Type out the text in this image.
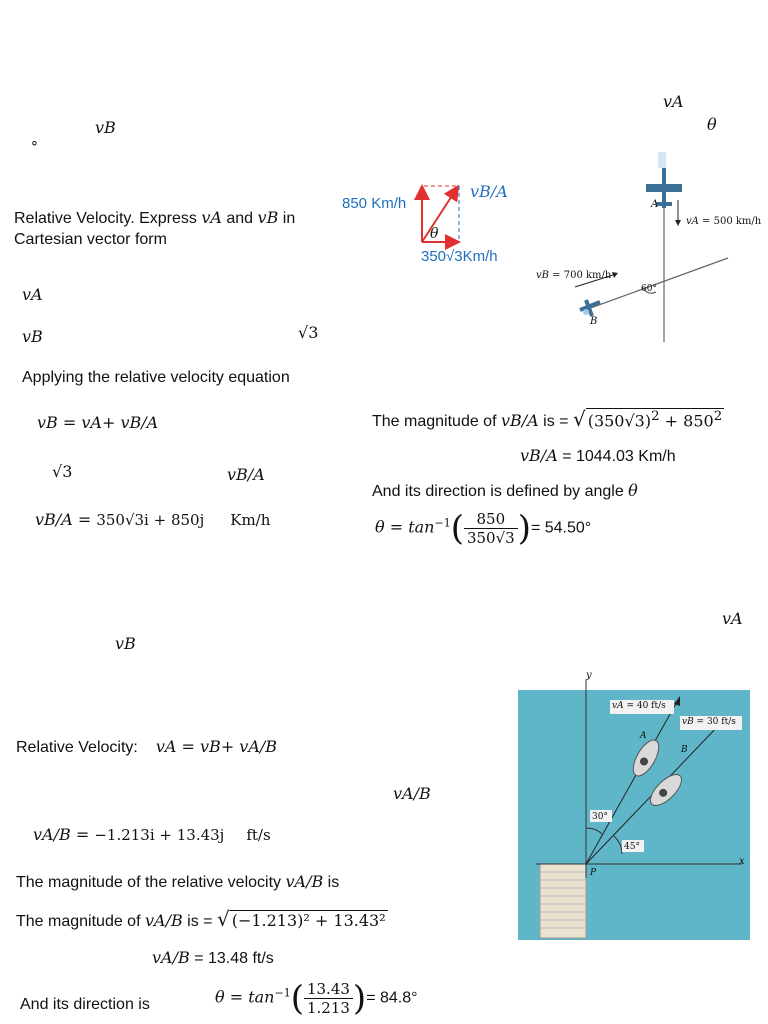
𝑣𝐴
𝜃
𝑣𝐵
∘
Relative Velocity. Express 𝑣𝐴 and 𝑣𝐵 in
Cartesian vector form
𝑣𝐴
𝑣𝐵	√3
Applying the relative velocity equation
𝑣𝐵 = 𝑣𝐴+ 𝑣𝐵/𝐴
√3	𝑣𝐵/𝐴
𝑣𝐵/𝐴 = 350√3i + 850j Km/h
850 Km/h
𝑣𝐵/𝐴
350√3Km/h
𝜃
𝑣𝐴 = 500 km/h
𝑣𝐵 = 700 km/h
60°
A
B
The magnitude of 𝑣𝐵/𝐴 is = √ $(350√3)^2 + 850^2$
𝑣𝐵/𝐴 = 1044.03 Km/h
And its direction is defined by angle 𝜃
𝜃 = $\tan^{-1}( \frac{850}{350√3}$ )= 54.50°
𝑣𝐴
𝑣𝐵
Relative Velocity: 𝑣𝐴 = 𝑣𝐵+ 𝑣𝐴/𝐵
𝑣𝐴/𝐵
𝑣𝐴/𝐵 = −1.213i + 13.43j ft/s
The magnitude of the relative velocity 𝑣𝐴/𝐵 is
The magnitude of 𝑣𝐴/𝐵 is = √ (−1.213)² + 13.43²
𝑣𝐴/𝐵 = 13.48 ft/s
And its direction is	𝜃 = $\tan^{-1}( \frac{13.43}{1.213}$ )= 84.8°
y
x
𝑣𝐴 = 40 ft/s
𝑣𝐵 = 30 ft/s
A
B
30°
45°
P
